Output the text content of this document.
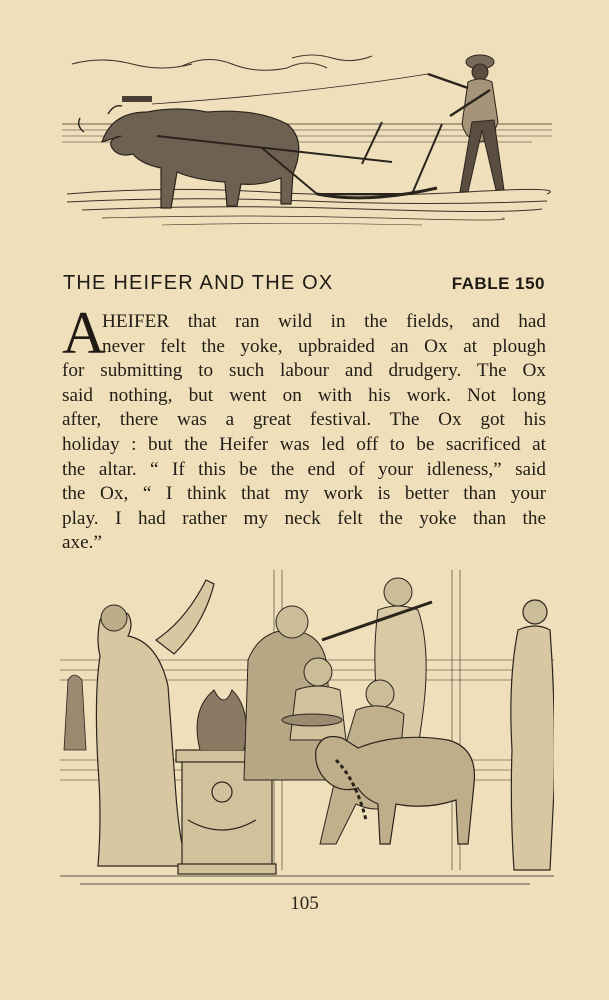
THE HEIFER AND THE OX	FABLE 150
A
HEIFER that ran wild in the fields, and had
never felt the yoke, upbraided an Ox at plough
for submitting to such labour and drudgery. The Ox
said nothing, but went on with his work. Not long
after, there was a great festival. The Ox got his
holiday : but the Heifer was led off to be sacrificed at
the altar. “ If this be the end of your idleness,” said
the Ox, “ I think that my work is better than your
play. I had rather my neck felt the yoke than the
axe.”
105
